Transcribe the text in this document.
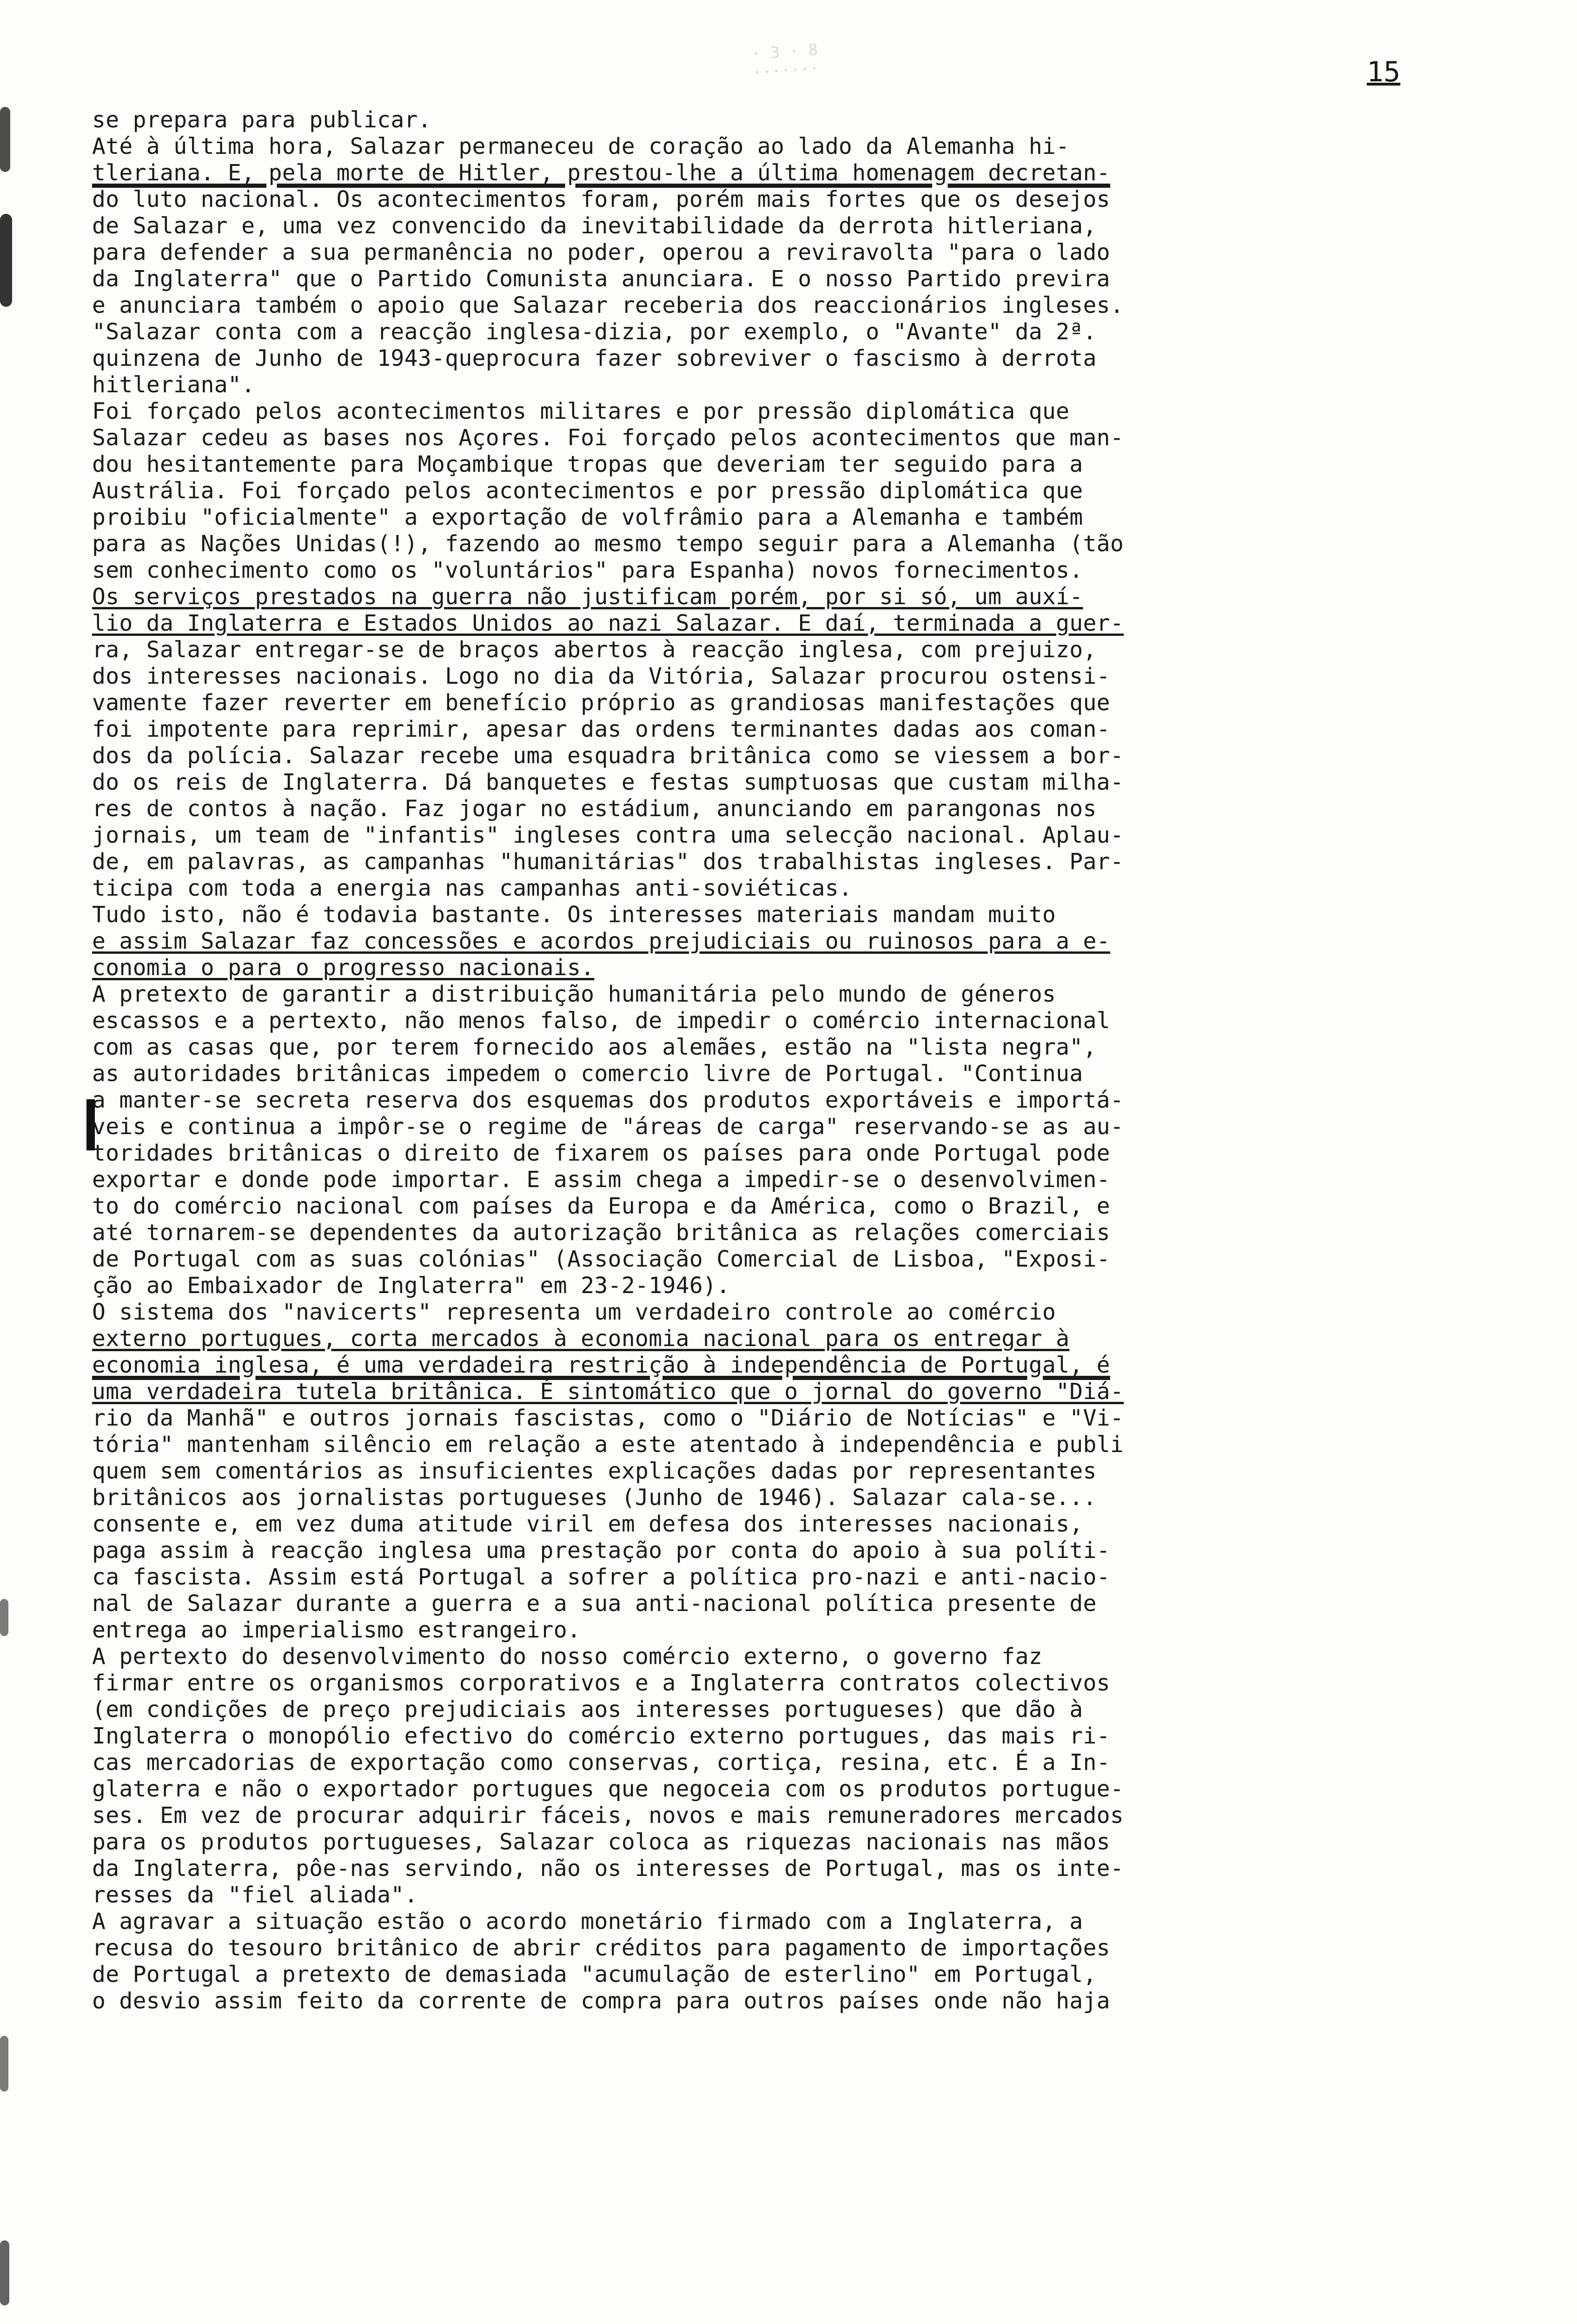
· 3 · 8
·······	15
se prepara para publicar.
Até à última hora, Salazar permaneceu de coração ao lado da Alemanha hi-
tleriana. E, pela morte de Hitler, prestou-lhe a última homenagem decretan-
do luto nacional. Os acontecimentos foram, porém mais fortes que os desejos
de Salazar e, uma vez convencido da inevitabilidade da derrota hitleriana,
para defender a sua permanência no poder, operou a reviravolta "para o lado
da Inglaterra" que o Partido Comunista anunciara. E o nosso Partido previra
e anunciara também o apoio que Salazar receberia dos reaccionários ingleses.
"Salazar conta com a reacção inglesa-dizia, por exemplo, o "Avante" da 2ª.
quinzena de Junho de 1943-queprocura fazer sobreviver o fascismo à derrota
hitleriana".
Foi forçado pelos acontecimentos militares e por pressão diplomática que
Salazar cedeu as bases nos Açores. Foi forçado pelos acontecimentos que man-
dou hesitantemente para Moçambique tropas que deveriam ter seguido para a
Austrália. Foi forçado pelos acontecimentos e por pressão diplomática que
proibiu "oficialmente" a exportação de volfrâmio para a Alemanha e também
para as Nações Unidas(!), fazendo ao mesmo tempo seguir para a Alemanha (tão
sem conhecimento como os "voluntários" para Espanha) novos fornecimentos.
Os serviços prestados na guerra não justificam porém, por si só, um auxí-
lio da Inglaterra e Estados Unidos ao nazi Salazar. E daí, terminada a guer-
ra, Salazar entregar-se de braços abertos à reacção inglesa, com prejuizo,
dos interesses nacionais. Logo no dia da Vitória, Salazar procurou ostensi-
vamente fazer reverter em benefício próprio as grandiosas manifestações que
foi impotente para reprimir, apesar das ordens terminantes dadas aos coman-
dos da polícia. Salazar recebe uma esquadra britânica como se viessem a bor-
do os reis de Inglaterra. Dá banquetes e festas sumptuosas que custam milha-
res de contos à nação. Faz jogar no estádium, anunciando em parangonas nos
jornais, um team de "infantis" ingleses contra uma selecção nacional. Aplau-
de, em palavras, as campanhas "humanitárias" dos trabalhistas ingleses. Par-
ticipa com toda a energia nas campanhas anti-soviéticas.
Tudo isto, não é todavia bastante. Os interesses materiais mandam muito
e assim Salazar faz concessões e acordos prejudiciais ou ruinosos para a e-
conomia o para o progresso nacionais.
A pretexto de garantir a distribuição humanitária pelo mundo de géneros
escassos e a pertexto, não menos falso, de impedir o comércio internacional
com as casas que, por terem fornecido aos alemães, estão na "lista negra",
as autoridades britânicas impedem o comercio livre de Portugal. "Continua
a manter-se secreta reserva dos esquemas dos produtos exportáveis e importá-
veis e continua a impôr-se o regime de "áreas de carga" reservando-se as au-
toridades britânicas o direito de fixarem os países para onde Portugal pode
exportar e donde pode importar. E assim chega a impedir-se o desenvolvimen-
to do comércio nacional com países da Europa e da América, como o Brazil, e
até tornarem-se dependentes da autorização britânica as relações comerciais
de Portugal com as suas colónias" (Associação Comercial de Lisboa, "Exposi-
ção ao Embaixador de Inglaterra" em 23-2-1946).
O sistema dos "navicerts" representa um verdadeiro controle ao comércio
externo portugues, corta mercados à economia nacional para os entregar à
economia inglesa, é uma verdadeira restrição à independência de Portugal, é
uma verdadeira tutela britânica. É sintomático que o jornal do governo "Diá-
rio da Manhã" e outros jornais fascistas, como o "Diário de Notícias" e "Vi-
tória" mantenham silêncio em relação a este atentado à independência e publi
quem sem comentários as insuficientes explicações dadas por representantes
britânicos aos jornalistas portugueses (Junho de 1946). Salazar cala-se...
consente e, em vez duma atitude viril em defesa dos interesses nacionais,
paga assim à reacção inglesa uma prestação por conta do apoio à sua políti-
ca fascista. Assim está Portugal a sofrer a política pro-nazi e anti-nacio-
nal de Salazar durante a guerra e a sua anti-nacional política presente de
entrega ao imperialismo estrangeiro.
A pertexto do desenvolvimento do nosso comércio externo, o governo faz
firmar entre os organismos corporativos e a Inglaterra contratos colectivos
(em condições de preço prejudiciais aos interesses portugueses) que dão à
Inglaterra o monopólio efectivo do comércio externo portugues, das mais ri-
cas mercadorias de exportação como conservas, cortiça, resina, etc. É a In-
glaterra e não o exportador portugues que negoceia com os produtos portugue-
ses. Em vez de procurar adquirir fáceis, novos e mais remuneradores mercados
para os produtos portugueses, Salazar coloca as riquezas nacionais nas mãos
da Inglaterra, pôe-nas servindo, não os interesses de Portugal, mas os inte-
resses da "fiel aliada".
A agravar a situação estão o acordo monetário firmado com a Inglaterra, a
recusa do tesouro britânico de abrir créditos para pagamento de importações
de Portugal a pretexto de demasiada "acumulação de esterlino" em Portugal,
o desvio assim feito da corrente de compra para outros países onde não haja
